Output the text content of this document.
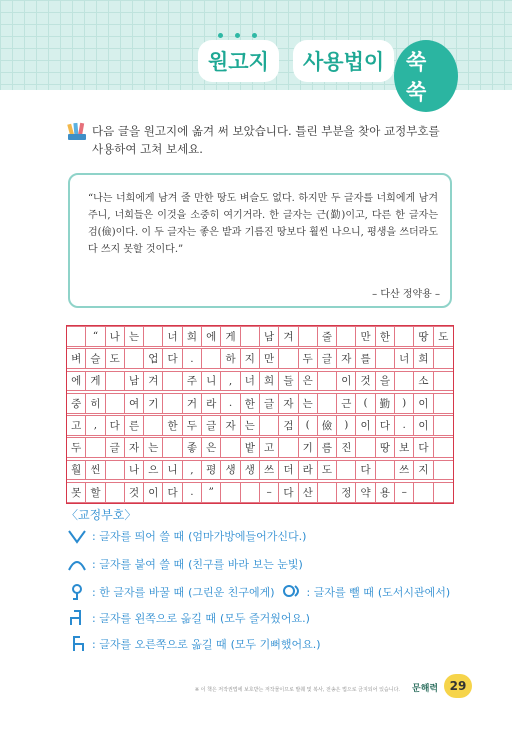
원고지	사용법이	쑥쑥
다음 글을 원고지에 옮겨 써 보았습니다. 틀린 부분을 찾아 교정부호를 사용하여 고쳐 보세요.
“나는 너희에게 남겨 줄 만한 땅도 벼슬도 없다. 하지만 두 글자를 너희에게 남겨 주니, 너희들은 이것을 소중히 여기거라. 한 글자는 근(勤)이고, 다른 한 글자는 검(儉)이다. 이 두 글자는 좋은 밭과 기름진 땅보다 훨씬 나으니, 평생을 쓰더라도 다 쓰지 못할 것이다.”
– 다산 정약용 –
“	나 는	너 희 에 게	남 겨	줄	만 한	땅 도
벼 슬 도	업 다	.	하 지 만	두 글 자 를	너 희
에 게	남 겨	주 니	,	너 희 들 은	이 것 을	소
중 히	여 기	거 라	.	한 글 자 는	근	(	勤	)	이
고	,	다 른	한 두 글 자 는	검	(	儉	)	이 다	.	이
두	글 자 는	좋 은	밭 고	기 름 진	땅 보 다
훨 씬	나 으 니	,	평 생 생 쓰 더 라 도	다	쓰 지
못 할	것 이 다	.	”	–	다 산	정 약 용	–
〈교정부호〉
: 글자를 띄어 쓸 때 (엄마가방에들어가신다.)
: 글자를 붙여 쓸 때 (친구를 바라 보는 눈빛)
: 한 글자를 바꿀 때 (그린운 친구에게)	: 글자를 뺄 때 (도서시관에서)
: 글자를 왼쪽으로 옮길 때 (모두 즐거웠어요.)
: 글자를 오른쪽으로 옮길 때 (모두 기뻐했어요.)
※ 이 책은 저작권법에 보호받는 저작물이므로 발췌 및 복사, 전송은 법으로 금지되어 있습니다. 문해력 29
